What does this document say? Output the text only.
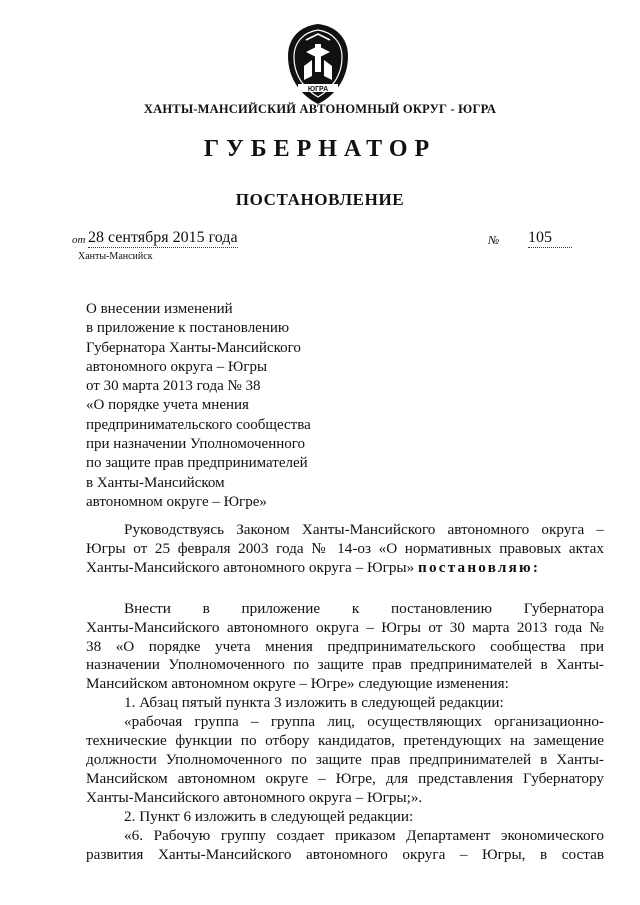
ЮГРА
ХАНТЫ-МАНСИЙСКИЙ АВТОНОМНЫЙ ОКРУГ - ЮГРА
ГУБЕРНАТОР
ПОСТАНОВЛЕНИЕ
от 28 сентября 2015 года	№ 105
Ханты-Мансийск
О внесении изменений
в приложение к постановлению
Губернатора Ханты-Мансийского
автономного округа – Югры
от 30 марта 2013 года № 38
«О порядке учета мнения
предпринимательского сообщества
при назначении Уполномоченного
по защите прав предпринимателей
в Ханты-Мансийском
автономном округе – Югре»
Руководствуясь Законом Ханты-Мансийского автономного округа –
Югры от 25 февраля 2003 года № 14-оз «О нормативных правовых актах
Ханты-Мансийского автономного округа – Югры» постановляю:
Внести в приложение к постановлению Губернатора
Ханты-Мансийского автономного округа – Югры от 30 марта 2013 года №
38 «О порядке учета мнения предпринимательского сообщества при
назначении Уполномоченного по защите прав предпринимателей в Ханты-
Мансийском автономном округе – Югре» следующие изменения:
1. Абзац пятый пункта 3 изложить в следующей редакции:
«рабочая группа – группа лиц, осуществляющих организационно-
технические функции по отбору кандидатов, претендующих на замещение
должности Уполномоченного по защите прав предпринимателей в Ханты-
Мансийском автономном округе – Югре, для представления Губернатору
Ханты-Мансийского автономного округа – Югры;».
2. Пункт 6 изложить в следующей редакции:
«6. Рабочую группу создает приказом Департамент экономического
развития Ханты-Мансийского автономного округа – Югры, в состав
